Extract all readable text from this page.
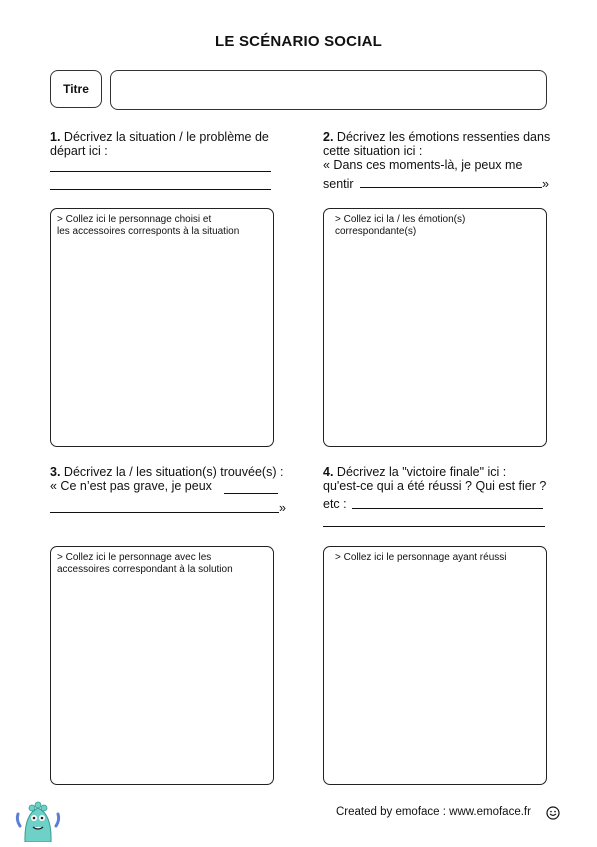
LE SCÉNARIO SOCIAL
Titre
1. Décrivez la situation / le problème de
départ ici :
> Collez ici le personnage choisi et
les accessoires corresponts à la situation
2. Décrivez les émotions ressenties dans
cette situation ici :
« Dans ces moments-là, je peux me
sentir	»
> Collez ici la / les émotion(s)
correspondante(s)
3. Décrivez la / les situation(s) trouvée(s) :
« Ce n’est pas grave, je peux
»
> Collez ici le personnage avec les
accessoires correspondant à la solution
4. Décrivez la "victoire finale" ici :
qu'est-ce qui a été réussi ? Qui est fier ?
etc :
> Collez ici le personnage ayant réussi
Created by emoface : www.emoface.fr
